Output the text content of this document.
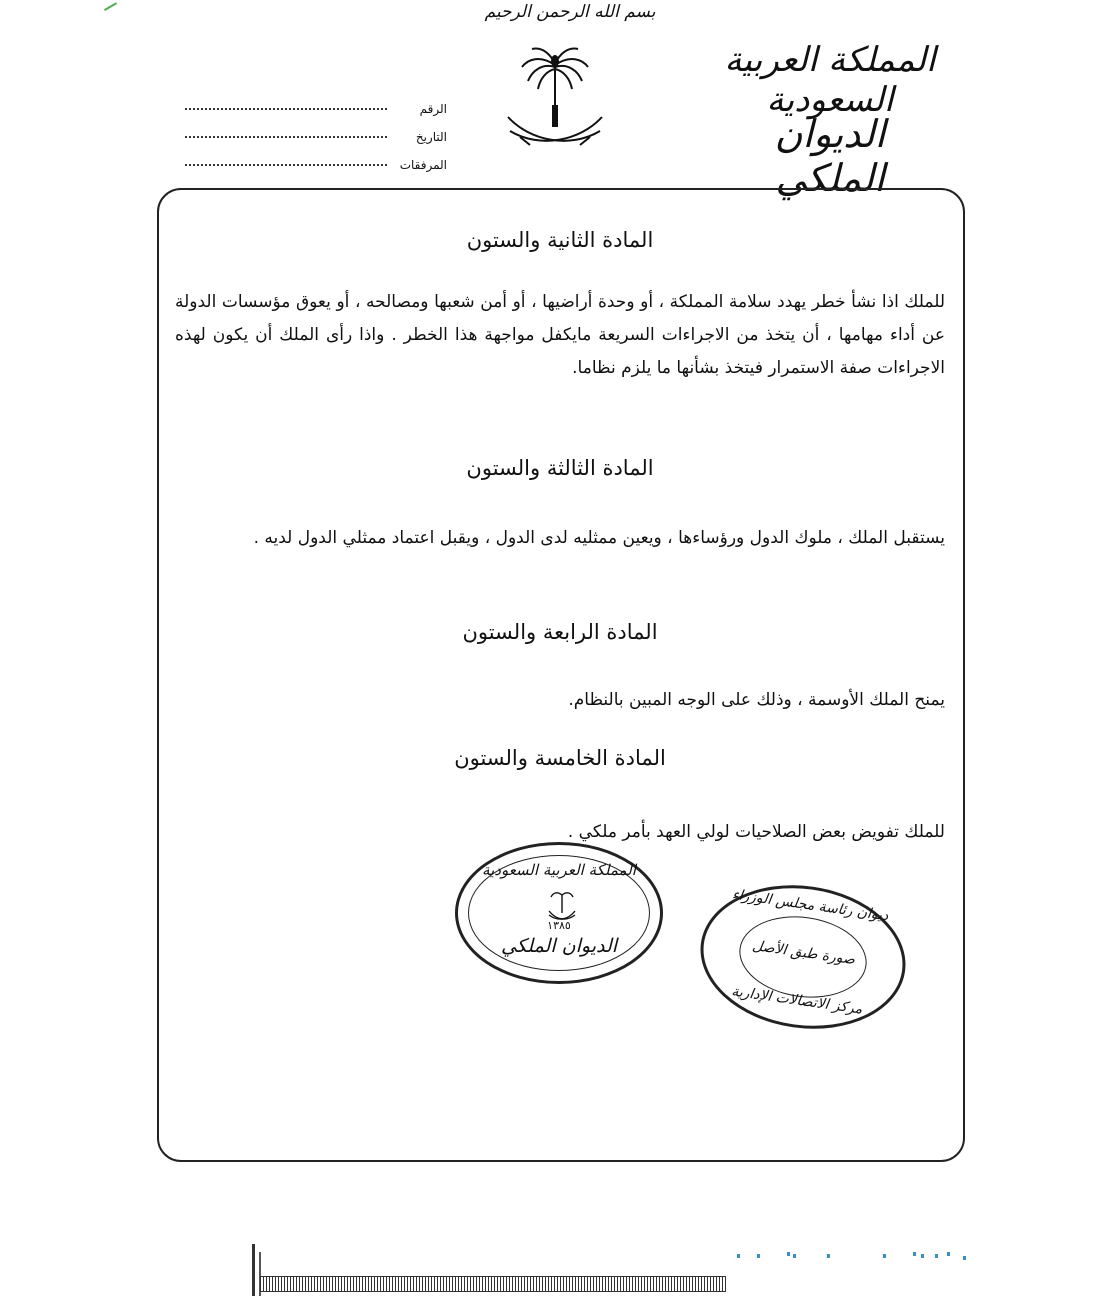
بسم الله الرحمن الرحيم
المملكة العربية السعودية
الديوان الملكي
الرقم
التاريخ
المرفقات
المادة الثانية والستون
للملك اذا نشأ خطر يهدد سلامة المملكة ، أو وحدة أراضيها ، أو أمن شعبها ومصالحه ، أو يعوق مؤسسات الدولة عن أداء مهامها ، أن يتخذ من الاجراءات السريعة مايكفل مواجهة هذا الخطر . واذا رأى الملك أن يكون لهذه الاجراءات صفة الاستمرار فيتخذ بشأنها ما يلزم نظاما.
المادة الثالثة والستون
يستقبل الملك ، ملوك الدول ورؤساءها ، ويعين ممثليه لدى الدول ، ويقبل اعتماد ممثلي الدول لديه .
المادة الرابعة والستون
يمنح الملك الأوسمة ، وذلك على الوجه المبين بالنظام.
المادة الخامسة والستون
للملك تفويض بعض الصلاحيات لولي العهد بأمر ملكي .
المملكة العربية السعودية
١٣٨٥
الديوان الملكي
ديوان رئاسة مجلس الوزراء
صورة طبق الأصل
مركز الاتصالات الإدارية
